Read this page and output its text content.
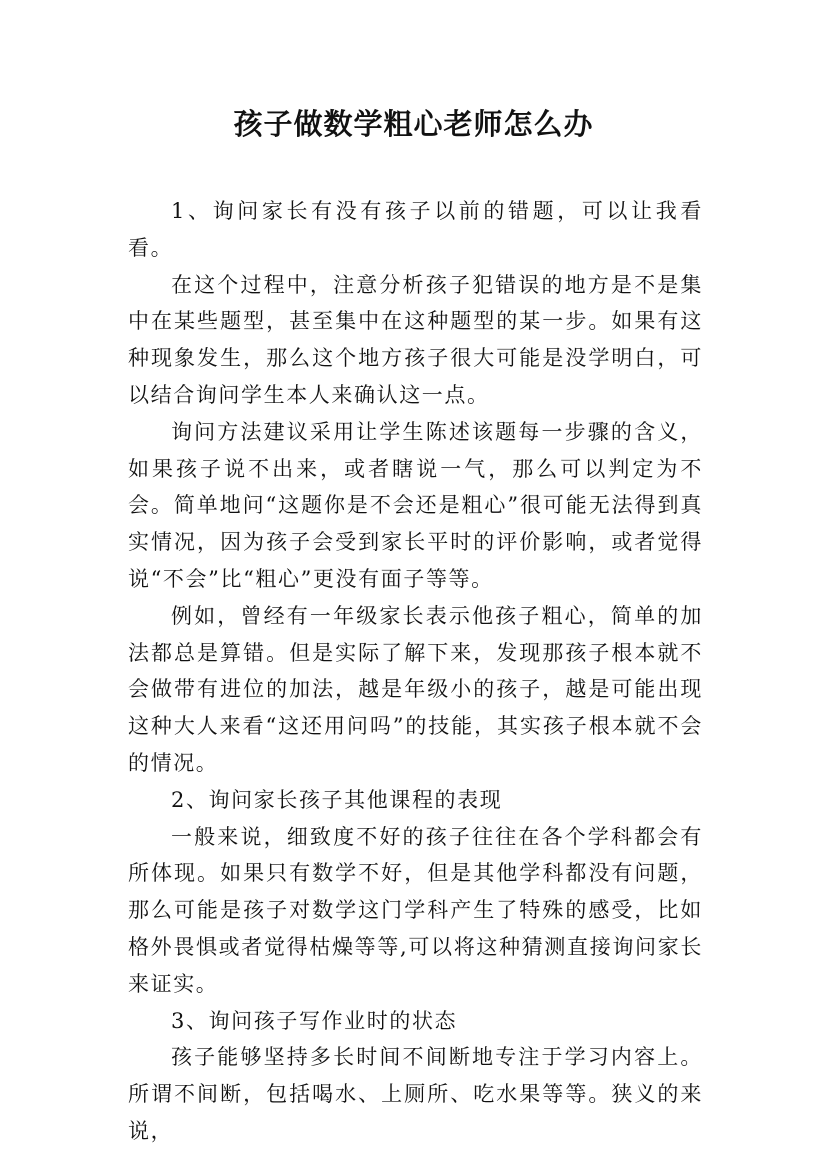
孩子做数学粗心老师怎么办

1、询问家长有没有孩子以前的错题，可以让我看看。

在这个过程中，注意分析孩子犯错误的地方是不是集中在某些题型，甚至集中在这种题型的某一步。如果有这种现象发生，那么这个地方孩子很大可能是没学明白，可以结合询问学生本人来确认这一点。

询问方法建议采用让学生陈述该题每一步骤的含义，如果孩子说不出来，或者瞎说一气，那么可以判定为不会。简单地问“这题你是不会还是粗心”很可能无法得到真实情况，因为孩子会受到家长平时的评价影响，或者觉得说“不会”比“粗心”更没有面子等等。

例如，曾经有一年级家长表示他孩子粗心，简单的加法都总是算错。但是实际了解下来，发现那孩子根本就不会做带有进位的加法，越是年级小的孩子，越是可能出现这种大人来看“这还用问吗”的技能，其实孩子根本就不会的情况。

2、询问家长孩子其他课程的表现

一般来说，细致度不好的孩子往往在各个学科都会有所体现。如果只有数学不好，但是其他学科都没有问题，那么可能是孩子对数学这门学科产生了特殊的感受，比如格外畏惧或者觉得枯燥等等,可以将这种猜测直接询问家长来证实。

3、询问孩子写作业时的状态

孩子能够坚持多长时间不间断地专注于学习内容上。所谓不间断，包括喝水、上厕所、吃水果等等。狭义的来说，
